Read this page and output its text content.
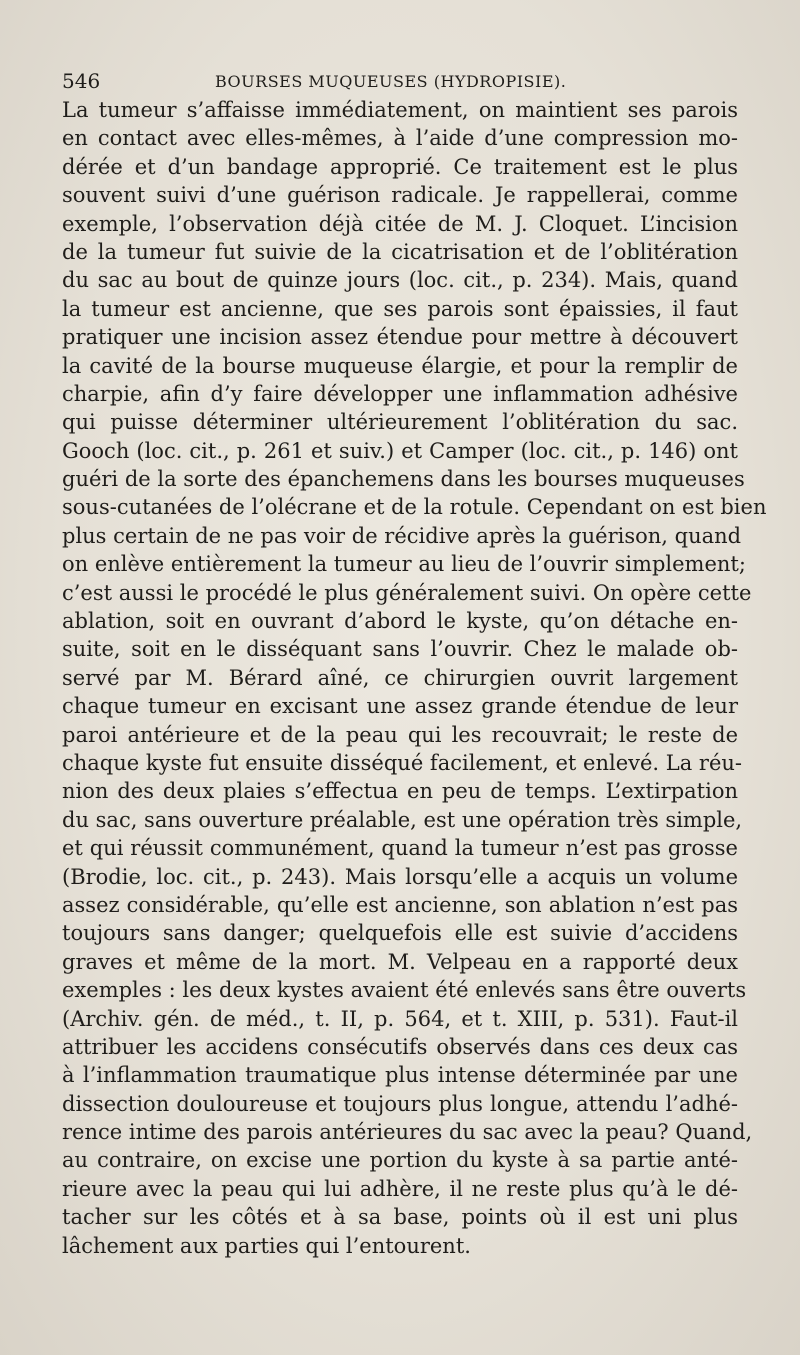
546	BOURSES MUQUEUSES (HYDROPISIE).
La tumeur s’affaisse immédiatement, on maintient ses parois
en contact avec elles-mêmes, à l’aide d’une compression mo-
dérée et d’un bandage approprié. Ce traitement est le plus
souvent suivi d’une guérison radicale. Je rappellerai, comme
exemple, l’observation déjà citée de M. J. Cloquet. L’incision
de la tumeur fut suivie de la cicatrisation et de l’oblitération
du sac au bout de quinze jours (loc. cit., p. 234). Mais, quand
la tumeur est ancienne, que ses parois sont épaissies, il faut
pratiquer une incision assez étendue pour mettre à découvert
la cavité de la bourse muqueuse élargie, et pour la remplir de
charpie, afin d’y faire développer une inflammation adhésive
qui puisse déterminer ultérieurement l’oblitération du sac.
Gooch (loc. cit., p. 261 et suiv.) et Camper (loc. cit., p. 146) ont
guéri de la sorte des épanchemens dans les bourses muqueuses
sous-cutanées de l’olécrane et de la rotule. Cependant on est bien
plus certain de ne pas voir de récidive après la guérison, quand
on enlève entièrement la tumeur au lieu de l’ouvrir simplement;
c’est aussi le procédé le plus généralement suivi. On opère cette
ablation, soit en ouvrant d’abord le kyste, qu’on détache en-
suite, soit en le disséquant sans l’ouvrir. Chez le malade ob-
servé par M. Bérard aîné, ce chirurgien ouvrit largement
chaque tumeur en excisant une assez grande étendue de leur
paroi antérieure et de la peau qui les recouvrait; le reste de
chaque kyste fut ensuite disséqué facilement, et enlevé. La réu-
nion des deux plaies s’effectua en peu de temps. L’extirpation
du sac, sans ouverture préalable, est une opération très simple,
et qui réussit communément, quand la tumeur n’est pas grosse
(Brodie, loc. cit., p. 243). Mais lorsqu’elle a acquis un volume
assez considérable, qu’elle est ancienne, son ablation n’est pas
toujours sans danger; quelquefois elle est suivie d’accidens
graves et même de la mort. M. Velpeau en a rapporté deux
exemples : les deux kystes avaient été enlevés sans être ouverts
(Archiv. gén. de méd., t. II, p. 564, et t. XIII, p. 531). Faut-il
attribuer les accidens consécutifs observés dans ces deux cas
à l’inflammation traumatique plus intense déterminée par une
dissection douloureuse et toujours plus longue, attendu l’adhé-
rence intime des parois antérieures du sac avec la peau? Quand,
au contraire, on excise une portion du kyste à sa partie anté-
rieure avec la peau qui lui adhère, il ne reste plus qu’à le dé-
tacher sur les côtés et à sa base, points où il est uni plus
lâchement aux parties qui l’entourent.
